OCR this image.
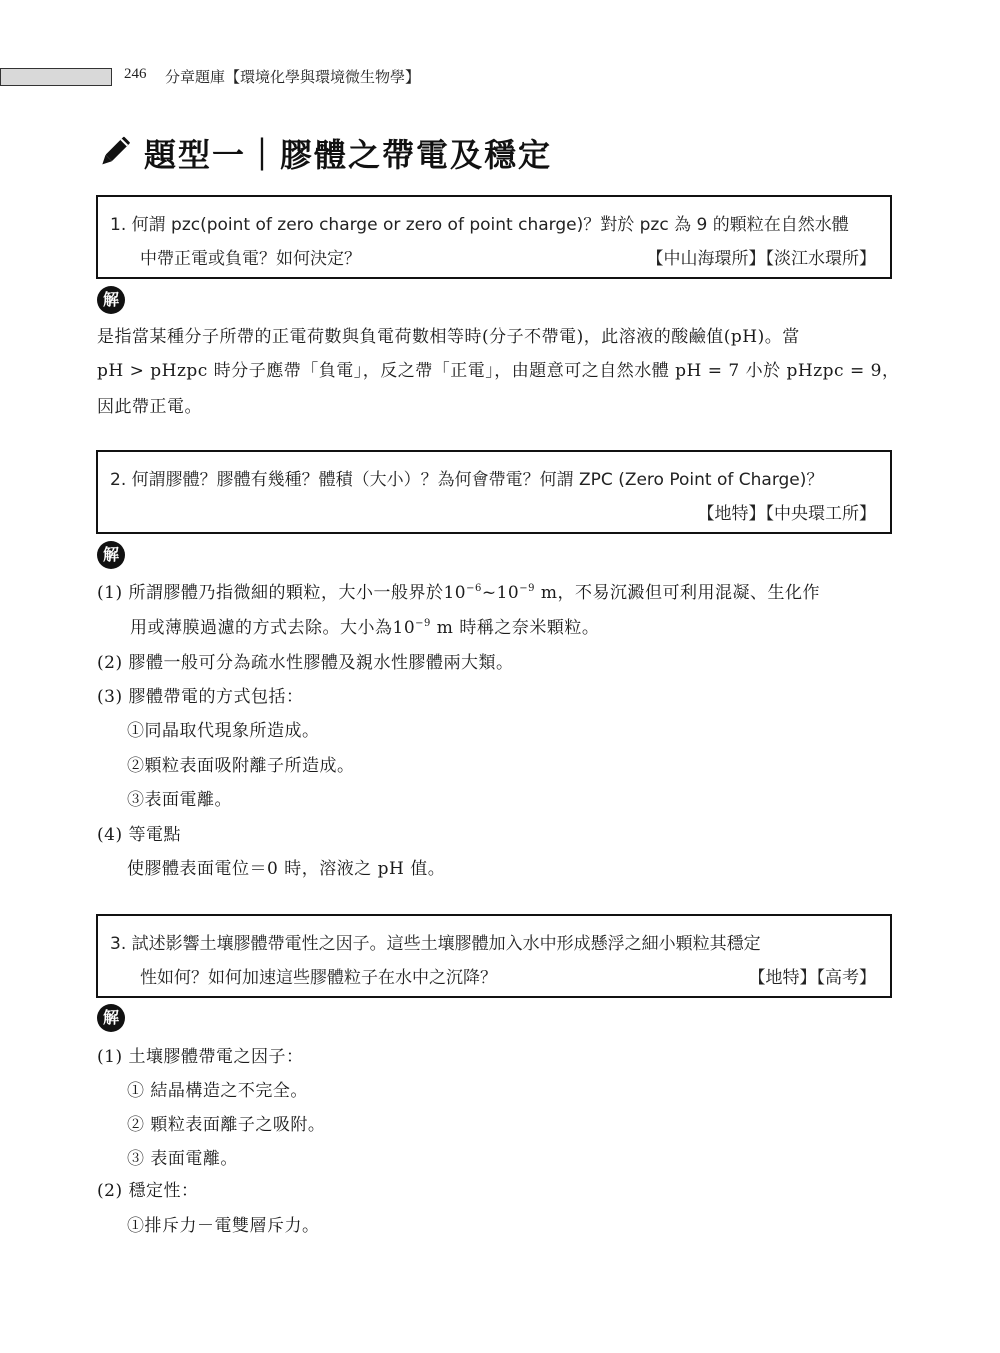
246 分章題庫【環境化學與環境微生物學】
題型一｜膠體之帶電及穩定
1. 何謂 pzc(point of zero charge or zero of point charge)？對於 pzc 為 9 的顆粒在自然水體
中帶正電或負電？如何決定？	【中山海環所】【淡江水環所】
解
是指當某種分子所帶的正電荷數與負電荷數相等時(分子不帶電)，此溶液的酸鹼值(pH)。當
pH > pHzpc 時分子應帶「負電」，反之帶「正電」，由題意可之自然水體 pH = 7 小於 pHzpc = 9，
因此帶正電。
2. 何謂膠體？膠體有幾種？體積（大小）？為何會帶電？何謂 ZPC (Zero Point of Charge)？
【地特】【中央環工所】
解
(1) 所謂膠體乃指微細的顆粒，大小一般界於$10^{-6}\sim 10^{-9}$ m，不易沉澱但可利用混凝、生化作
用或薄膜過濾的方式去除。大小為$10^{-9}$ m 時稱之奈米顆粒。
(2) 膠體一般可分為疏水性膠體及親水性膠體兩大類。
(3) 膠體帶電的方式包括：
①同晶取代現象所造成。
②顆粒表面吸附離子所造成。
③表面電離。
(4) 等電點
使膠體表面電位＝0 時，溶液之 pH 值。
3. 試述影響土壤膠體帶電性之因子。這些土壤膠體加入水中形成懸浮之細小顆粒其穩定
性如何？如何加速這些膠體粒子在水中之沉降？	【地特】【高考】
解
(1) 土壤膠體帶電之因子：
① 結晶構造之不完全。
② 顆粒表面離子之吸附。
③ 表面電離。
(2) 穩定性：
①排斥力－電雙層斥力。
